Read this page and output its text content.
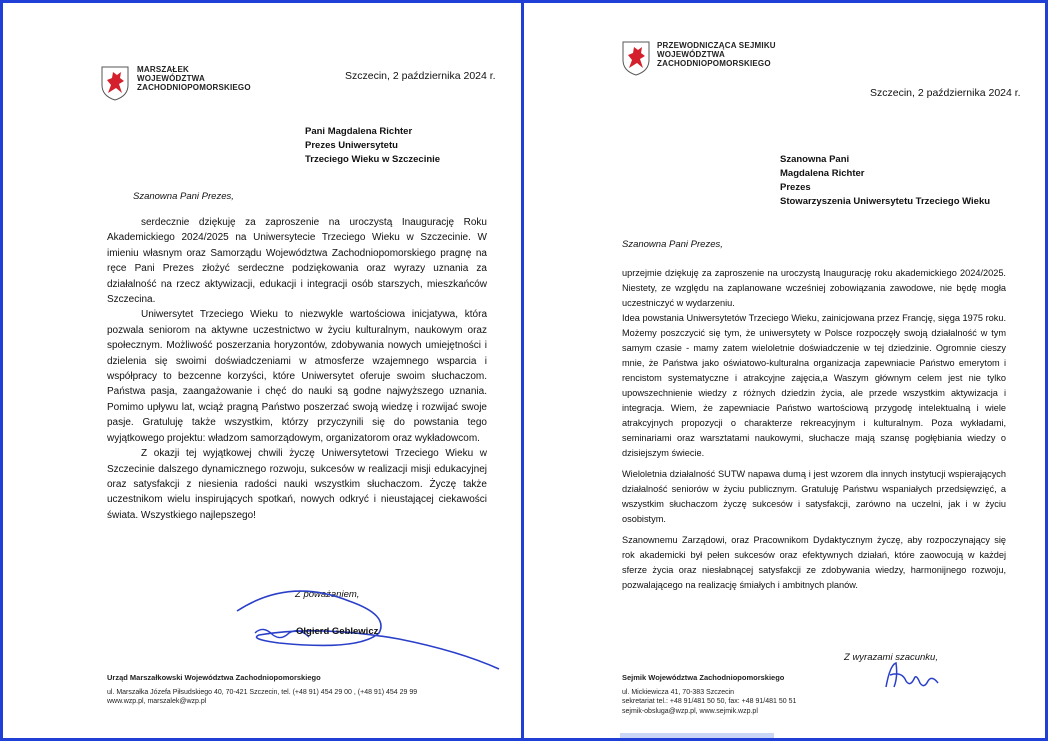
MARSZAŁEK
WOJEWÓDZTWA
ZACHODNIOPOMORSKIEGO
Szczecin, 2 października 2024 r.
Pani Magdalena Richter
Prezes Uniwersytetu
Trzeciego Wieku w Szczecinie
Szanowna Pani Prezes,

serdecznie dziękuję za zaproszenie na uroczystą Inaugurację Roku Akademickiego 2024/2025 na Uniwersytecie Trzeciego Wieku w Szczecinie. W imieniu własnym oraz Samorządu Województwa Zachodniopomorskiego pragnę na ręce Pani Prezes złożyć serdeczne podziękowania oraz wyrazy uznania za działalność na rzecz aktywizacji, edukacji i integracji osób starszych, mieszkańców Szczecina.

Uniwersytet Trzeciego Wieku to niezwykle wartościowa inicjatywa, która pozwala seniorom na aktywne uczestnictwo w życiu kulturalnym, naukowym oraz społecznym. Możliwość poszerzania horyzontów, zdobywania nowych umiejętności i dzielenia się swoimi doświadczeniami w atmosferze wzajemnego wsparcia i współpracy to bezcenne korzyści, które Uniwersytet oferuje swoim słuchaczom. Państwa pasja, zaangażowanie i chęć do nauki są godne najwyższego uznania. Pomimo upływu lat, wciąż pragną Państwo poszerzać swoją wiedzę i rozwijać swoje pasje. Gratuluję także wszystkim, którzy przyczynili się do powstania tego wyjątkowego projektu: władzom samorządowym, organizatorom oraz wykładowcom.

Z okazji tej wyjątkowej chwili życzę Uniwersytetowi Trzeciego Wieku w Szczecinie dalszego dynamicznego rozwoju, sukcesów w realizacji misji edukacyjnej oraz satysfakcji z niesienia radości nauki wszystkim słuchaczom. Życzę także uczestnikom wielu inspirujących spotkań, nowych odkryć i nieustającej ciekawości świata. Wszystkiego najlepszego!

Z poważaniem,
Olgierd Geblewicz
Urząd Marszałkowski Województwa Zachodniopomorskiego
ul. Marszałka Józefa Piłsudskiego 40, 70-421 Szczecin, tel. (+48 91) 454 29 00 , (+48 91) 454 29 99
www.wzp.pl, marszalek@wzp.pl
PRZEWODNICZĄCA SEJMIKU
WOJEWÓDZTWA
ZACHODNIOPOMORSKIEGO
Szczecin, 2 października 2024 r.
Szanowna Pani
Magdalena Richter
Prezes
Stowarzyszenia Uniwersytetu Trzeciego Wieku
Szanowna Pani Prezes,

uprzejmie dziękuję za zaproszenie na uroczystą Inaugurację roku akademickiego 2024/2025. Niestety, ze względu na zaplanowane wcześniej zobowiązania zawodowe, nie będę mogła uczestniczyć w wydarzeniu.

Idea powstania Uniwersytetów Trzeciego Wieku, zainicjowana przez Francję, sięga 1975 roku. Możemy poszczycić się tym, że uniwersytety w Polsce rozpoczęły swoją działalność w tym samym czasie - mamy zatem wieloletnie doświadczenie w tej dziedzinie. Ogromnie cieszy mnie, że Państwa jako oświatowo-kulturalna organizacja zapewniacie Państwo emerytom i rencistom systematyczne i atrakcyjne zajęcia,a Waszym głównym celem jest nie tylko upowszechnienie wiedzy z różnych dziedzin życia, ale przede wszystkim aktywizacja i integracja. Wiem, że zapewniacie Państwo wartościową przygodę intelektualną i wiele atrakcyjnych propozycji o charakterze rekreacyjnym i kulturalnym. Poza wykładami, seminariami oraz warsztatami naukowymi, słuchacze mają szansę pogłębiania wiedzy o dzisiejszym świecie.

Wieloletnia działalność SUTW napawa dumą i jest wzorem dla innych instytucji wspierających działalność seniorów w życiu publicznym. Gratuluję Państwu wspaniałych przedsięwzięć, a wszystkim słuchaczom życzę sukcesów i satysfakcji, zarówno na uczelni, jak i w życiu osobistym.

Szanownemu Zarządowi, oraz Pracownikom Dydaktycznym życzę, aby rozpoczynający się rok akademicki był pełen sukcesów oraz efektywnych działań, które zaowocują w każdej sferze życia oraz niesłabnącej satysfakcji ze zdobywania wiedzy, harmonijnego rozwoju, pozwalającego na realizację śmiałych i ambitnych planów.

Z wyrazami szacunku,
Sejmik Województwa Zachodniopomorskiego
ul. Mickiewicza 41, 70-383 Szczecin
sekretariat tel.: +48 91/481 50 50, fax: +48 91/481 50 51
sejmik-obsluga@wzp.pl, www.sejmik.wzp.pl
